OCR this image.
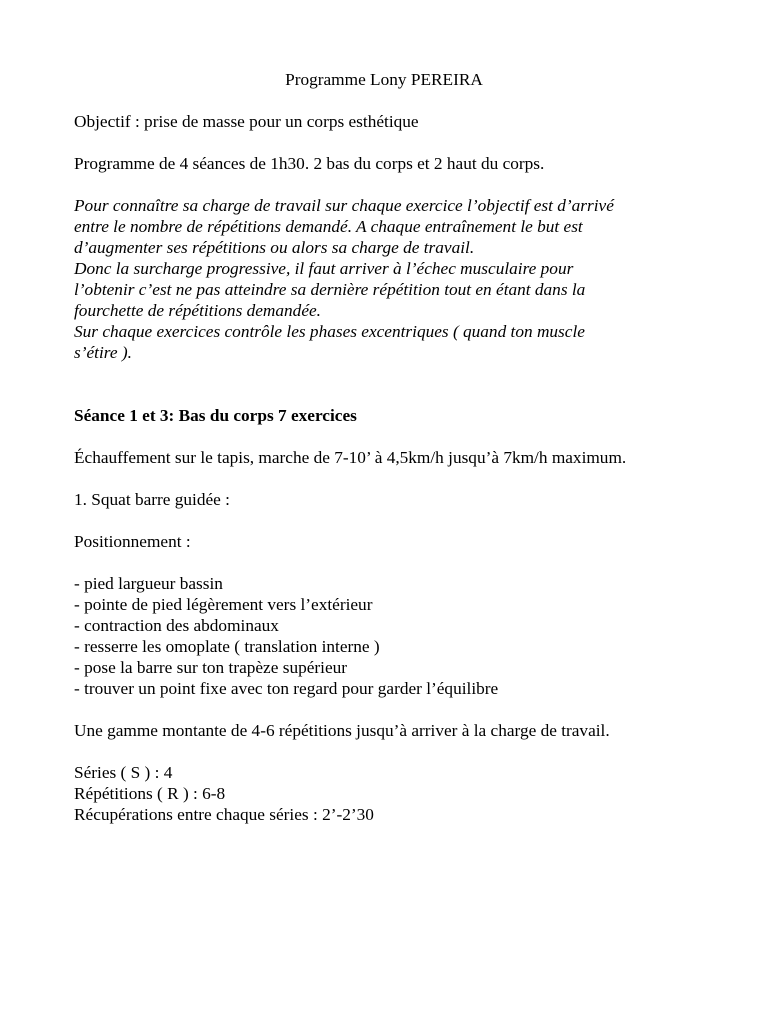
Programme Lony PEREIRA
Objectif : prise de masse pour un corps esthétique
Programme de 4 séances de 1h30. 2 bas du corps et 2 haut du corps.
Pour connaître sa charge de travail sur chaque exercice l’objectif est d’arrivé
entre le nombre de répétitions demandé. A chaque entraînement le but est
d’augmenter ses répétitions ou alors sa charge de travail.
Donc la surcharge progressive, il faut arriver à l’échec musculaire pour
l’obtenir c’est ne pas atteindre sa dernière répétition tout en étant dans la
fourchette de répétitions demandée.
Sur chaque exercices contrôle les phases excentriques ( quand ton muscle
s’étire ).
Séance 1 et 3: Bas du corps 7 exercices
Échauffement sur le tapis, marche de 7-10’ à 4,5km/h jusqu’à 7km/h maximum.
1. Squat barre guidée :
Positionnement :
- pied largueur bassin
- pointe de pied légèrement vers l’extérieur
- contraction des abdominaux
- resserre les omoplate ( translation interne )
- pose la barre sur ton trapèze supérieur
- trouver un point fixe avec ton regard pour garder l’équilibre
Une gamme montante de 4-6 répétitions jusqu’à arriver à la charge de travail.
Séries ( S ) : 4
Répétitions ( R ) : 6-8
Récupérations entre chaque séries : 2’-2’30
